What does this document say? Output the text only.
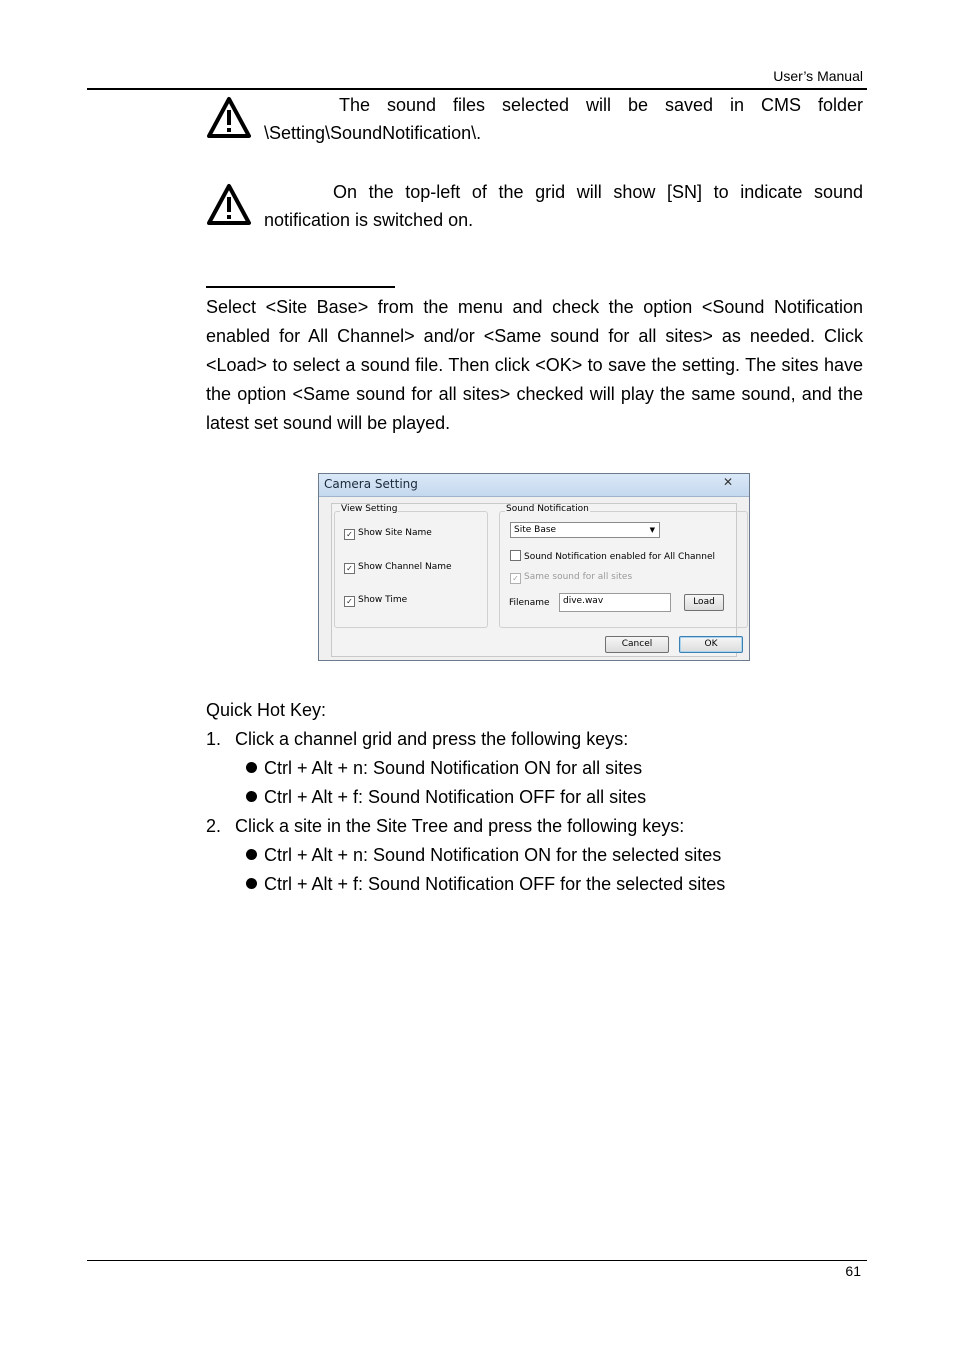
User’s Manual
The sound files selected will be saved in CMS folder \Setting\SoundNotification\.
On the top-left of the grid will show [SN] to indicate sound notification is switched on.
Select <Site Base> from the menu and check the option <Sound Notification enabled for All Channel> and/or <Same sound for all sites> as needed. Click <Load> to select a sound file. Then click <OK> to save the setting. The sites have the option <Same sound for all sites> checked will play the same sound, and the latest set sound will be played.
Camera Setting	✕
View Setting
✓ Show Site Name
✓ Show Channel Name
✓ Show Time
Sound Notification
Site Base	▼
Sound Notification enabled for All Channel
✓ Same sound for all sites
Filename	dive.wav	Load
Cancel	OK
Quick Hot Key:
1. Click a channel grid and press the following keys:
Ctrl + Alt + n: Sound Notification ON for all sites
Ctrl + Alt + f: Sound Notification OFF for all sites
2. Click a site in the Site Tree and press the following keys:
Ctrl + Alt + n: Sound Notification ON for the selected sites
Ctrl + Alt + f: Sound Notification OFF for the selected sites
61
